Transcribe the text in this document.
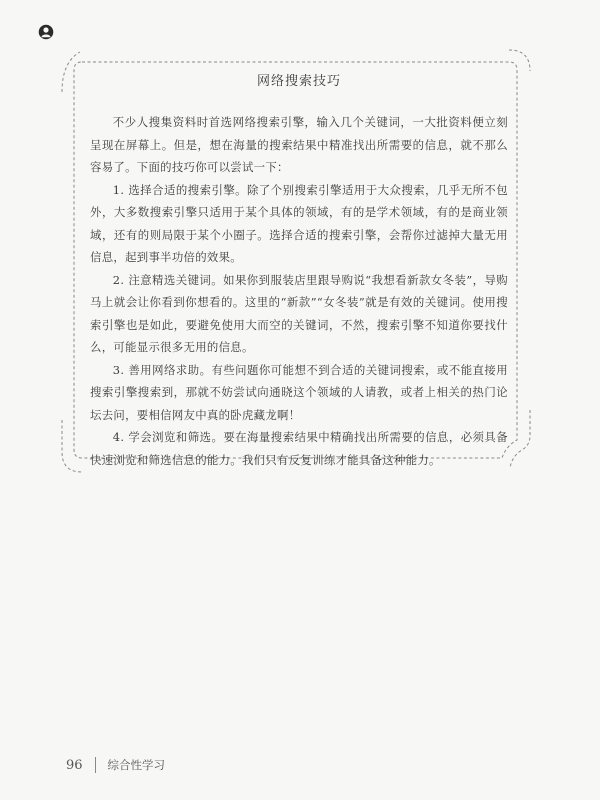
网络搜索技巧

不少人搜集资料时首选网络搜索引擎，输入几个关键词，一大批资料便立刻呈现在屏幕上。但是，想在海量的搜索结果中精准找出所需要的信息，就不那么容易了。下面的技巧你可以尝试一下：

1. 选择合适的搜索引擎。除了个别搜索引擎适用于大众搜索，几乎无所不包外，大多数搜索引擎只适用于某个具体的领域，有的是学术领域，有的是商业领域，还有的则局限于某个小圈子。选择合适的搜索引擎，会帮你过滤掉大量无用信息，起到事半功倍的效果。

2. 注意精选关键词。如果你到服装店里跟导购说“我想看新款女冬装”，导购马上就会让你看到你想看的。这里的“新款”“女冬装”就是有效的关键词。使用搜索引擎也是如此，要避免使用大而空的关键词，不然，搜索引擎不知道你要找什么，可能显示很多无用的信息。

3. 善用网络求助。有些问题你可能想不到合适的关键词搜索，或不能直接用搜索引擎搜索到，那就不妨尝试向通晓这个领域的人请教，或者上相关的热门论坛去问，要相信网友中真的卧虎藏龙啊！

4. 学会浏览和筛选。要在海量搜索结果中精确找出所需要的信息，必须具备快速浏览和筛选信息的能力。我们只有反复训练才能具备这种能力。

96 综合性学习
